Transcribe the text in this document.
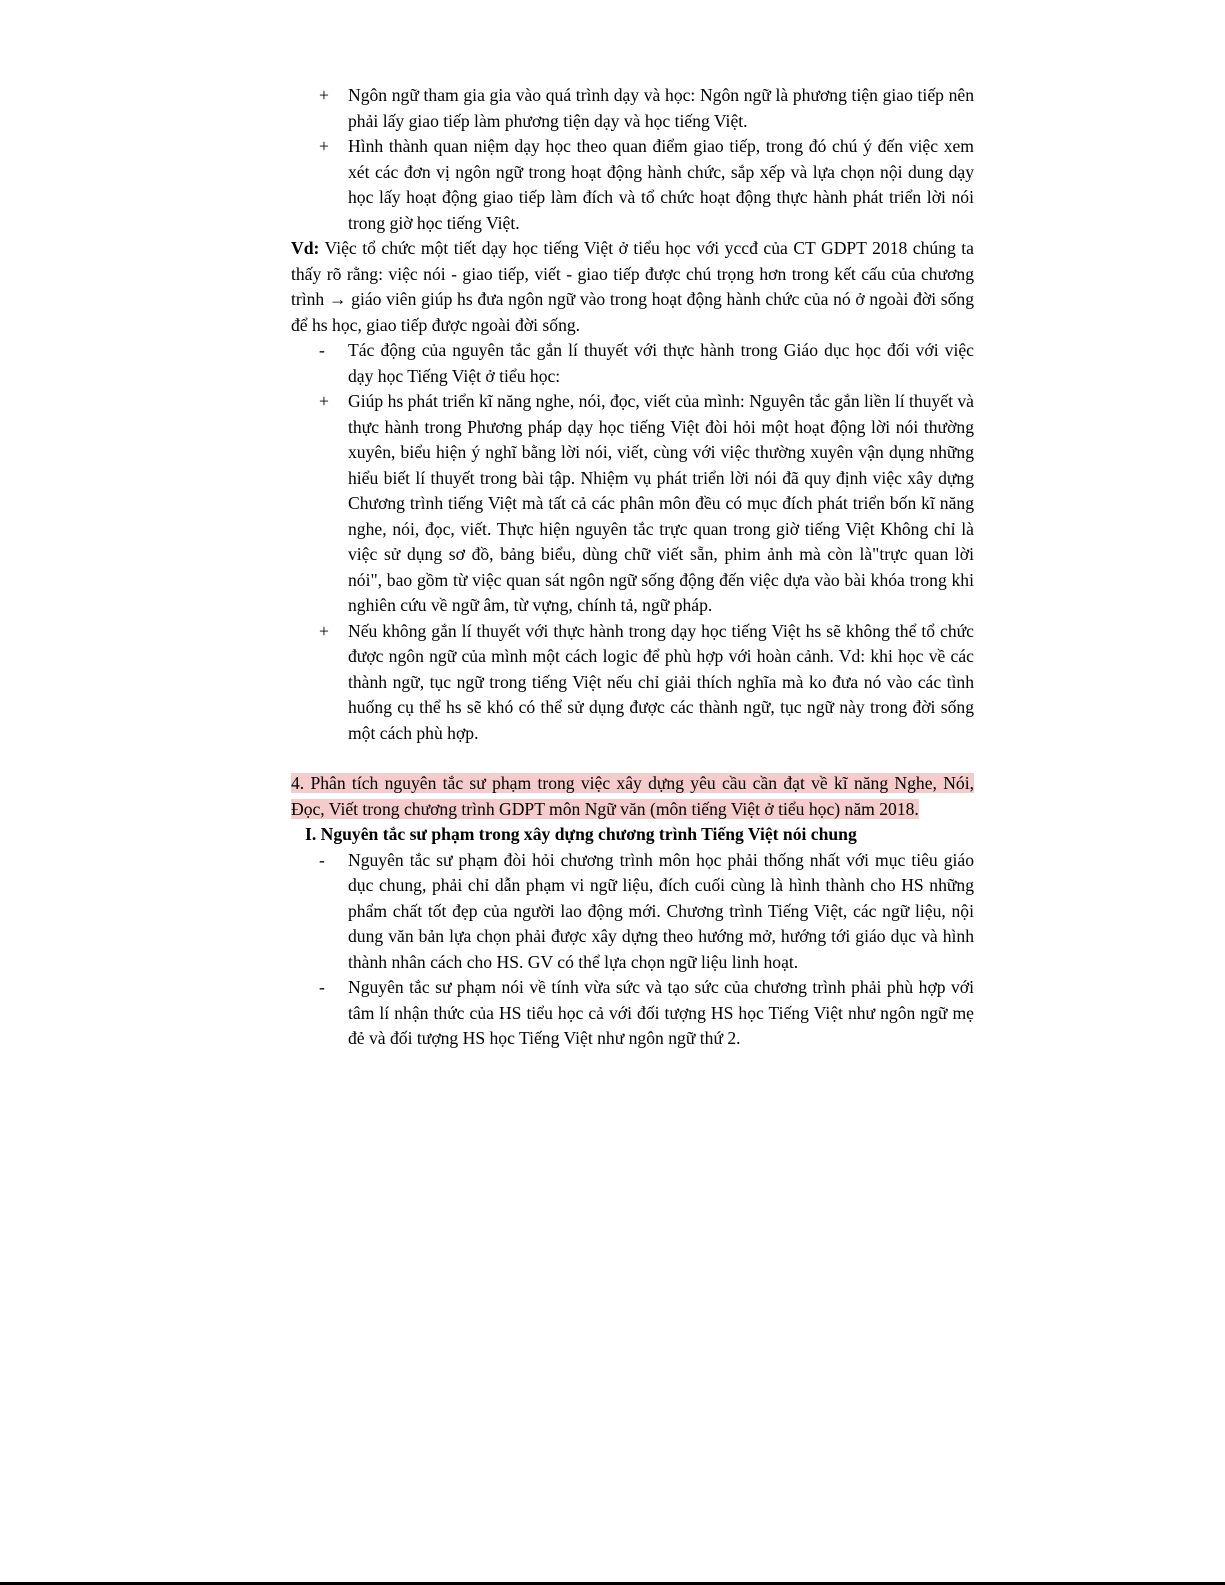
+ Ngôn ngữ tham gia gia vào quá trình dạy và học: Ngôn ngữ là phương tiện giao tiếp nên phải lấy giao tiếp làm phương tiện dạy và học tiếng Việt.
+ Hình thành quan niệm dạy học theo quan điểm giao tiếp, trong đó chú ý đến việc xem xét các đơn vị ngôn ngữ trong hoạt động hành chức, sắp xếp và lựa chọn nội dung dạy học lấy hoạt động giao tiếp làm đích và tổ chức hoạt động thực hành phát triển lời nói trong giờ học tiếng Việt.
Vd: Việc tổ chức một tiết dạy học tiếng Việt ở tiểu học với yccđ của CT GDPT 2018 chúng ta thấy rõ rằng: việc nói - giao tiếp, viết - giao tiếp được chú trọng hơn trong kết cấu của chương trình → giáo viên giúp hs đưa ngôn ngữ vào trong hoạt động hành chức của nó ở ngoài đời sống để hs học, giao tiếp được ngoài đời sống.
- Tác động của nguyên tắc gắn lí thuyết với thực hành trong Giáo dục học đối với việc dạy học Tiếng Việt ở tiểu học:
+ Giúp hs phát triển kĩ năng nghe, nói, đọc, viết của mình: Nguyên tắc gắn liền lí thuyết và thực hành trong Phương pháp dạy học tiếng Việt đòi hỏi một hoạt động lời nói thường xuyên, biểu hiện ý nghĩ bằng lời nói, viết, cùng với việc thường xuyên vận dụng những hiểu biết lí thuyết trong bài tập. Nhiệm vụ phát triển lời nói đã quy định việc xây dựng Chương trình tiếng Việt mà tất cả các phân môn đều có mục đích phát triển bốn kĩ năng nghe, nói, đọc, viết. Thực hiện nguyên tắc trực quan trong giờ tiếng Việt Không chỉ là việc sử dụng sơ đồ, bảng biểu, dùng chữ viết sẵn, phim ảnh mà còn là"trực quan lời nói", bao gồm từ việc quan sát ngôn ngữ sống động đến việc dựa vào bài khóa trong khi nghiên cứu về ngữ âm, từ vựng, chính tả, ngữ pháp.
+ Nếu không gắn lí thuyết với thực hành trong dạy học tiếng Việt hs sẽ không thể tổ chức được ngôn ngữ của mình một cách logic để phù hợp với hoàn cảnh. Vd: khi học về các thành ngữ, tục ngữ trong tiếng Việt nếu chỉ giải thích nghĩa mà ko đưa nó vào các tình huống cụ thể hs sẽ khó có thể sử dụng được các thành ngữ, tục ngữ này trong đời sống một cách phù hợp.
4. Phân tích nguyên tắc sư phạm trong việc xây dựng yêu cầu cần đạt về kĩ năng Nghe, Nói, Đọc, Viết trong chương trình GDPT môn Ngữ văn (môn tiếng Việt ở tiểu học) năm 2018.
I. Nguyên tắc sư phạm trong xây dựng chương trình Tiếng Việt nói chung
- Nguyên tắc sư phạm đòi hỏi chương trình môn học phải thống nhất với mục tiêu giáo dục chung, phải chỉ dẫn phạm vi ngữ liệu, đích cuối cùng là hình thành cho HS những phẩm chất tốt đẹp của người lao động mới. Chương trình Tiếng Việt, các ngữ liệu, nội dung văn bản lựa chọn phải được xây dựng theo hướng mở, hướng tới giáo dục và hình thành nhân cách cho HS. GV có thể lựa chọn ngữ liệu linh hoạt.
- Nguyên tắc sư phạm nói về tính vừa sức và tạo sức của chương trình phải phù hợp với tâm lí nhận thức của HS tiểu học cả với đối tượng HS học Tiếng Việt như ngôn ngữ mẹ đẻ và đối tượng HS học Tiếng Việt như ngôn ngữ thứ 2.
